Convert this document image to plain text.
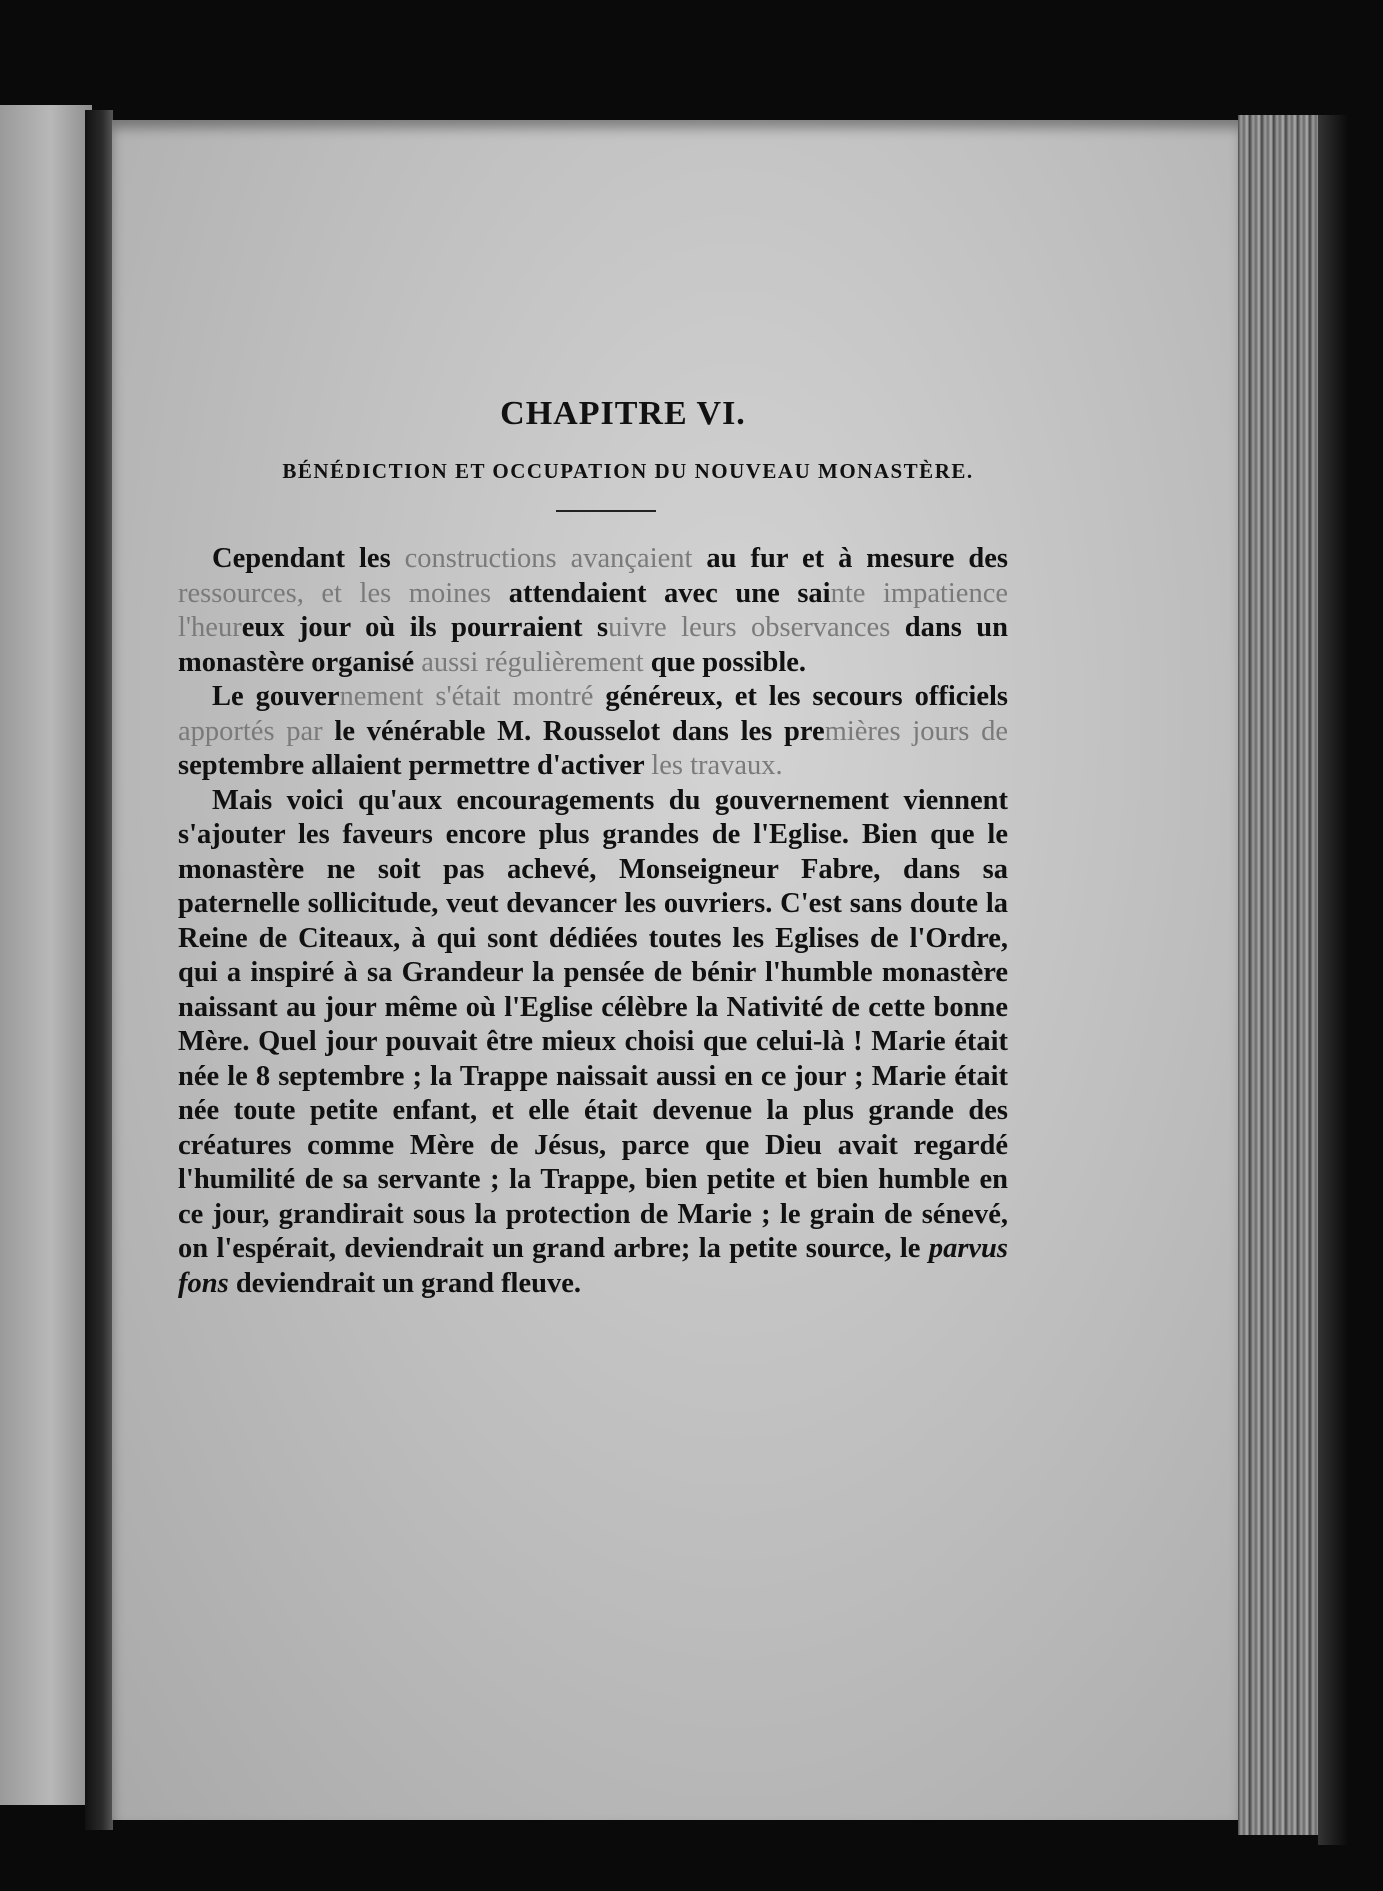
CHAPITRE VI.
BÉNÉDICTION ET OCCUPATION DU NOUVEAU MONASTÈRE.

Cependant les constructions avançaient au fur et à mesure des ressources, et les moines attendaient avec une sainte impatience l'heureux jour où ils pourraient suivre leurs observances dans un monastère organisé aussi régulièrement que possible.

Le gouvernement s'était montré généreux, et les secours officiels apportés par le vénérable M. Rousselot dans les premières jours de septembre allaient permettre d'activer les travaux.

Mais voici qu'aux encouragements du gouvernement viennent s'ajouter les faveurs encore plus grandes de l'Eglise. Bien que le monastère ne soit pas achevé, Monseigneur Fabre, dans sa paternelle sollicitude, veut devancer les ouvriers. C'est sans doute la Reine de Citeaux, à qui sont dédiées toutes les Eglises de l'Ordre, qui a inspiré à sa Grandeur la pensée de bénir l'humble monastère naissant au jour même où l'Eglise célèbre la Nativité de cette bonne Mère. Quel jour pouvait être mieux choisi que celui-là ! Marie était née le 8 septembre ; la Trappe naissait aussi en ce jour ; Marie était née toute petite enfant, et elle était devenue la plus grande des créatures comme Mère de Jésus, parce que Dieu avait regardé l'humilité de sa servante ; la Trappe, bien petite et bien humble en ce jour, grandirait sous la protection de Marie ; le grain de sénevé, on l'espérait, deviendrait un grand arbre; la petite source, le parvus fons deviendrait un grand fleuve.
